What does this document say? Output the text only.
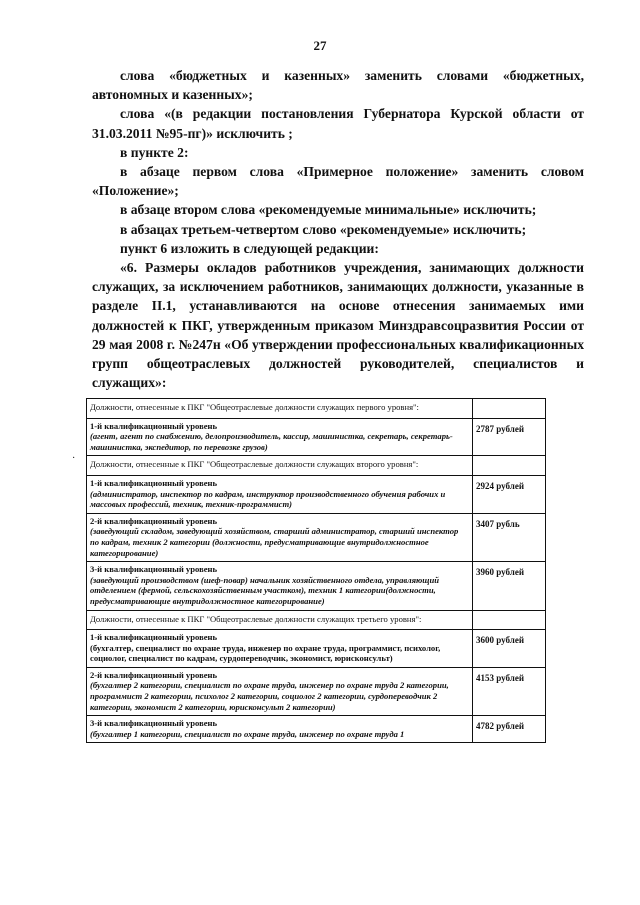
27

слова «бюджетных и казенных» заменить словами «бюджетных, автономных и казенных»;

слова «(в редакции постановления Губернатора Курской области от 31.03.2011 №95-пг)» исключить ;

в пункте 2:

в абзаце первом слова «Примерное положение» заменить словом «Положение»;

в абзаце втором слова «рекомендуемые минимальные» исключить;

в абзацах третьем-четвертом слово «рекомендуемые» исключить;

пункт 6 изложить в следующей редакции:

«6. Размеры окладов работников учреждения, занимающих должности служащих, за исключением работников, занимающих должности, указанные в разделе II.1, устанавливаются на основе отнесения занимаемых ими должностей к ПКГ, утвержденным приказом Минздравсоцразвития России от 29 мая 2008 г. №247н «Об утверждении профессиональных квалификационных групп общеотраслевых должностей руководителей, специалистов и служащих»:

·
Должности, отнесенные к ПКГ "Общеотраслевые должности служащих первого уровня":	

1-й квалификационный уровень
(агент, агент по снабжению, делопроизводитель, кассир, машинистка, секретарь, секретарь-машинистка, экспедитор, по перевозке грузов)	2787 рублей
Должности, отнесенные к ПКГ "Общеотраслевые должности служащих второго уровня":	

1-й квалификационный уровень
(администратор, инспектор по кадрам, инструктор производственного обучения рабочих и массовых профессий, техник, техник-программист)	2924 рублей

2-й квалификационный уровень
(заведующий складом, заведующий хозяйством, старший администратор, старший инспектор по кадрам, техник 2 категории (должности, предусматривающие внутридолжностное категорирование)	3407 рубль

3-й квалификационный уровень
(заведующий производством (шеф-повар) начальник хозяйственного отдела, управляющий отделением (фермой, сельскохозяйственным участком), техник 1 категории(должности, предусматривающие внутридолжностное категорирование)	3960 рублей
Должности, отнесенные к ПКГ "Общеотраслевые должности служащих третьего уровня":	

1-й квалификационный уровень
(бухгалтер, специалист по охране труда, инженер по охране труда, программист, психолог, социолог, специалист по кадрам, сурдопереводчик, экономист, юрисконсульт)	3600 рублей

2-й квалификационный уровень
(бухгалтер 2 категории, специалист по охране труда, инженер по охране труда 2 категории, программист 2 категории, психолог 2 категории, социолог 2 категории, сурдопереводчик 2 категории, экономист 2 категории, юрисконсульт 2 категории)	4153 рублей

3-й квалификационный уровень
(бухгалтер 1 категории, специалист по охране труда, инженер по охране труда 1	4782 рублей
